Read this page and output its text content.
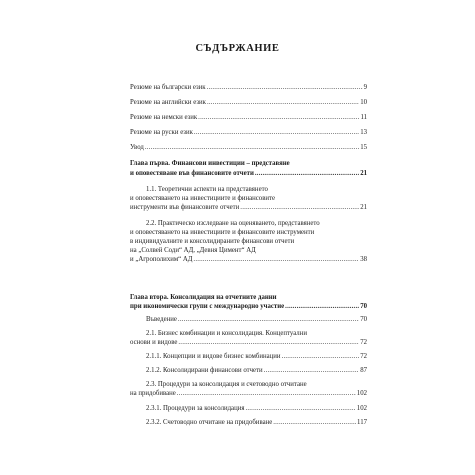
СЪДЪРЖАНИЕ
Резюме на български език .....	9
Резюме на английски език .....	10
Резюме на немски език .....	11
Резюме на руски език .....	13
Увод .....	15
Глава първа. Финансови инвестиции – представяне
и оповестяване във финансовите отчети .....	21
1.1. Теоретични аспекти на представянето
и оповестяването на инвестициите и финансовите
инструменти във финансовите отчети .....	21
2.2. Практическо изследване на оценяването, представянето
и оповестяването на инвестициите и финансовите инструменти
в индивидуалните и консолидираните финансови отчети
на „Солвей Соди“ АД, „Девня Цимент“ АД
и „Агрополихим“ АД .....	38
Глава втора. Консолидация на отчетните данни
при икономически групи с международно участие .....	70
Въведение .....	70
2.1. Бизнес комбинации и консолидация. Концептуални
основи и видове .....	72
2.1.1. Концепции и видове бизнес комбинации .....	72
2.1.2. Консолидирани финансови отчети .....	87
2.3. Процедури за консолидация и счетоводно отчитане
на придобиване .....	102
2.3.1. Процедури за консолидация .....	102
2.3.2. Счетоводно отчитане на придобиване .....	117
